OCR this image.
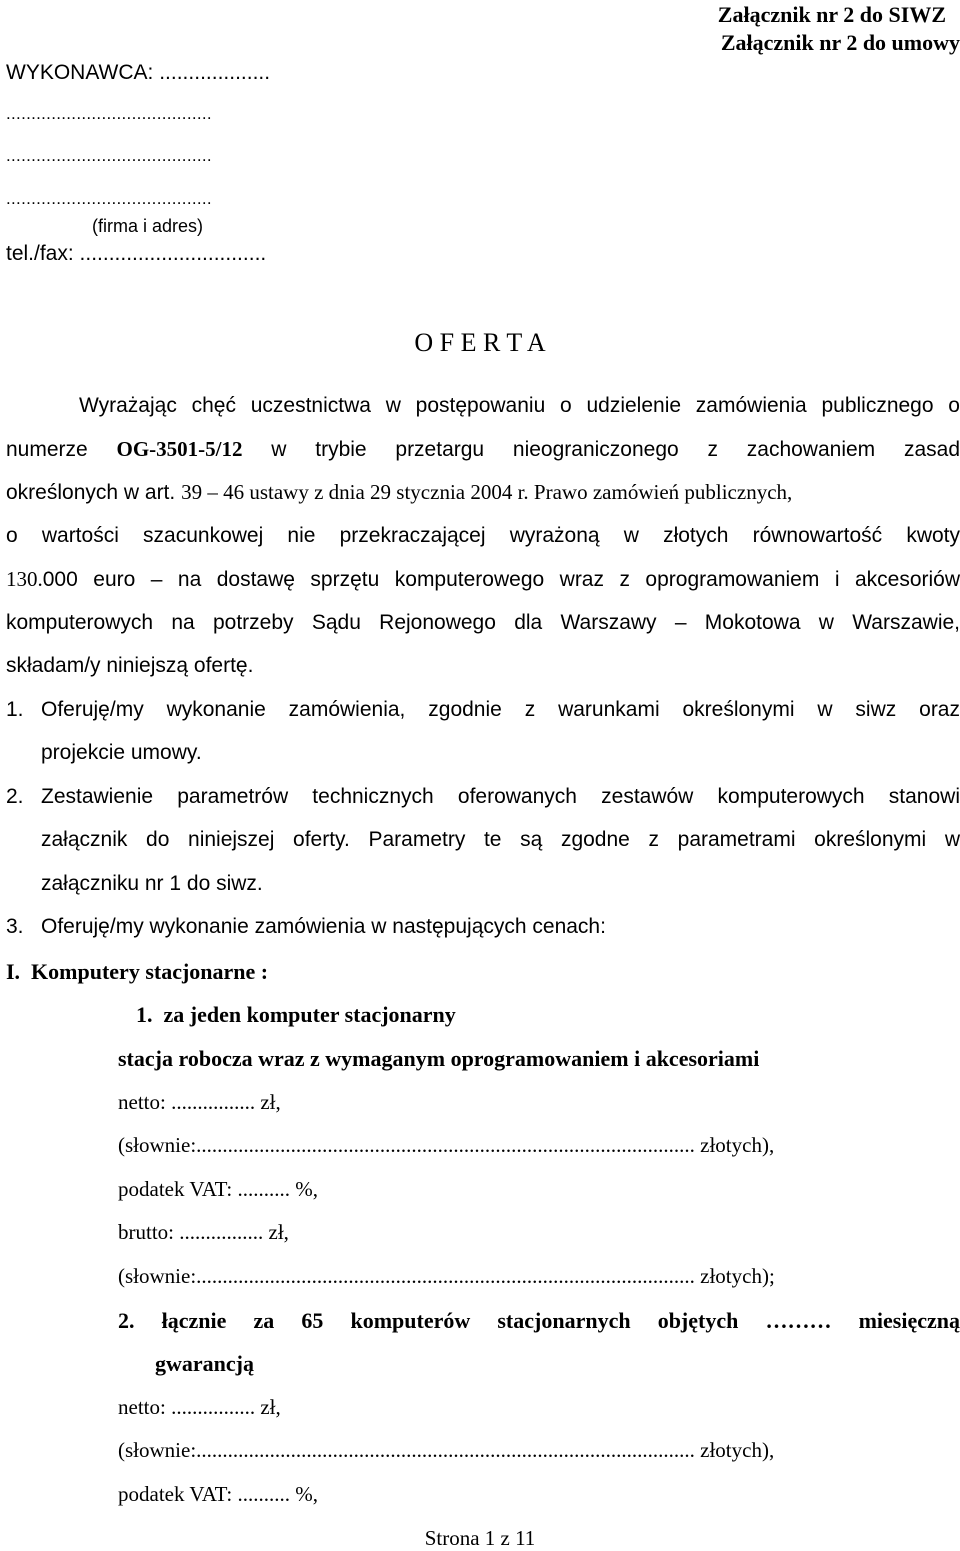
Załącznik nr 2 do SIWZ
Załącznik nr 2 do umowy
WYKONAWCA: ...................
.........................................
.........................................
.........................................
(firma i adres)
tel./fax: ................................
O F E R T A
Wyrażając chęć uczestnictwa w postępowaniu o udzielenie zamówienia publicznego o
numerze OG-3501-5/12 w trybie przetargu nieograniczonego z zachowaniem zasad
określonych w art. 39 – 46 ustawy z dnia 29 stycznia 2004 r. Prawo zamówień publicznych,
o wartości szacunkowej nie przekraczającej wyrażoną w złotych równowartość kwoty
130.000 euro – na dostawę sprzętu komputerowego wraz z oprogramowaniem i akcesoriów
komputerowych na potrzeby Sądu Rejonowego dla Warszawy – Mokotowa w Warszawie,
składam/y niniejszą ofertę.
1. Oferuję/my wykonanie zamówienia, zgodnie z warunkami określonymi w siwz oraz
projekcie umowy.
2. Zestawienie parametrów technicznych oferowanych zestawów komputerowych stanowi
załącznik do niniejszej oferty. Parametry te są zgodne z parametrami określonymi w
załączniku nr 1 do siwz.
3. Oferuję/my wykonanie zamówienia w następujących cenach:
I.  Komputery stacjonarne :
1.  za jeden komputer stacjonarny
stacja robocza wraz z wymaganym oprogramowaniem i akcesoriami
netto: ................ zł,
(słownie:............................................................................................... złotych),
podatek VAT: .......... %,
brutto: ................ zł,
(słownie:............................................................................................... złotych);
2. łącznie za 65 komputerów stacjonarnych objętych ……… miesięczną
gwarancją
netto: ................ zł,
(słownie:............................................................................................... złotych),
podatek VAT: .......... %,
Strona 1 z 11
